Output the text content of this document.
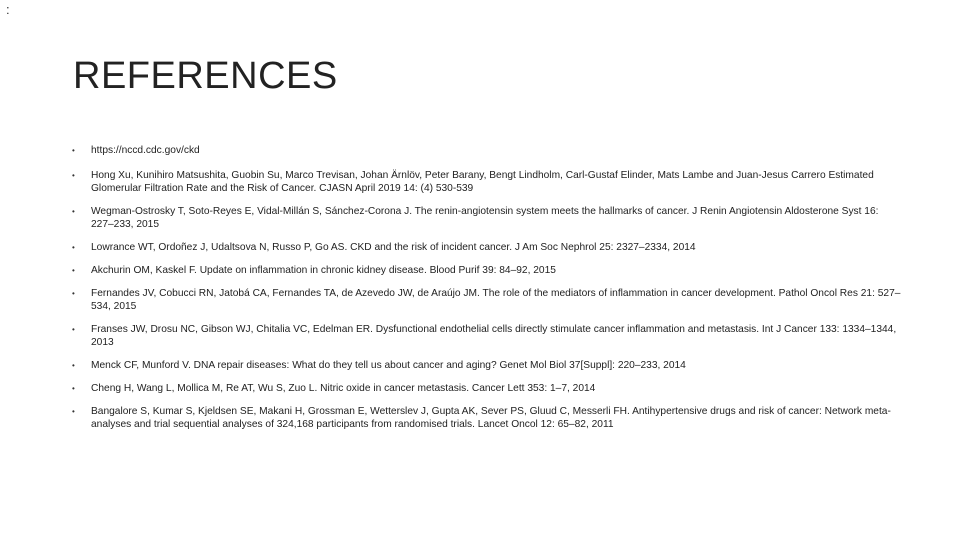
:
REFERENCES
•	https://nccd.cdc.gov/ckd
•	Hong Xu, Kunihiro Matsushita, Guobin Su, Marco Trevisan, Johan Ärnlöv, Peter Barany, Bengt Lindholm, Carl-Gustaf Elinder, Mats Lambe and Juan-Jesus Carrero Estimated Glomerular Filtration Rate and the Risk of Cancer. CJASN April 2019 14: (4) 530-539
•	Wegman-Ostrosky T, Soto-Reyes E, Vidal-Millán S, Sánchez-Corona J. The renin-angiotensin system meets the hallmarks of cancer. J Renin Angiotensin Aldosterone Syst 16: 227–233, 2015
•	Lowrance WT, Ordoñez J, Udaltsova N, Russo P, Go AS. CKD and the risk of incident cancer. J Am Soc Nephrol 25: 2327–2334, 2014
•	Akchurin OM, Kaskel F. Update on inflammation in chronic kidney disease. Blood Purif 39: 84–92, 2015
•	Fernandes JV, Cobucci RN, Jatobá CA, Fernandes TA, de Azevedo JW, de Araújo JM. The role of the mediators of inflammation in cancer development. Pathol Oncol Res 21: 527–534, 2015
•	Franses JW, Drosu NC, Gibson WJ, Chitalia VC, Edelman ER. Dysfunctional endothelial cells directly stimulate cancer inflammation and metastasis. Int J Cancer 133: 1334–1344, 2013
•	Menck CF, Munford V. DNA repair diseases: What do they tell us about cancer and aging? Genet Mol Biol 37[Suppl]: 220–233, 2014
•	Cheng H, Wang L, Mollica M, Re AT, Wu S, Zuo L. Nitric oxide in cancer metastasis. Cancer Lett 353: 1–7, 2014
•	Bangalore S, Kumar S, Kjeldsen SE, Makani H, Grossman E, Wetterslev J, Gupta AK, Sever PS, Gluud C, Messerli FH. Antihypertensive drugs and risk of cancer: Network meta-analyses and trial sequential analyses of 324,168 participants from randomised trials. Lancet Oncol 12: 65–82, 2011
